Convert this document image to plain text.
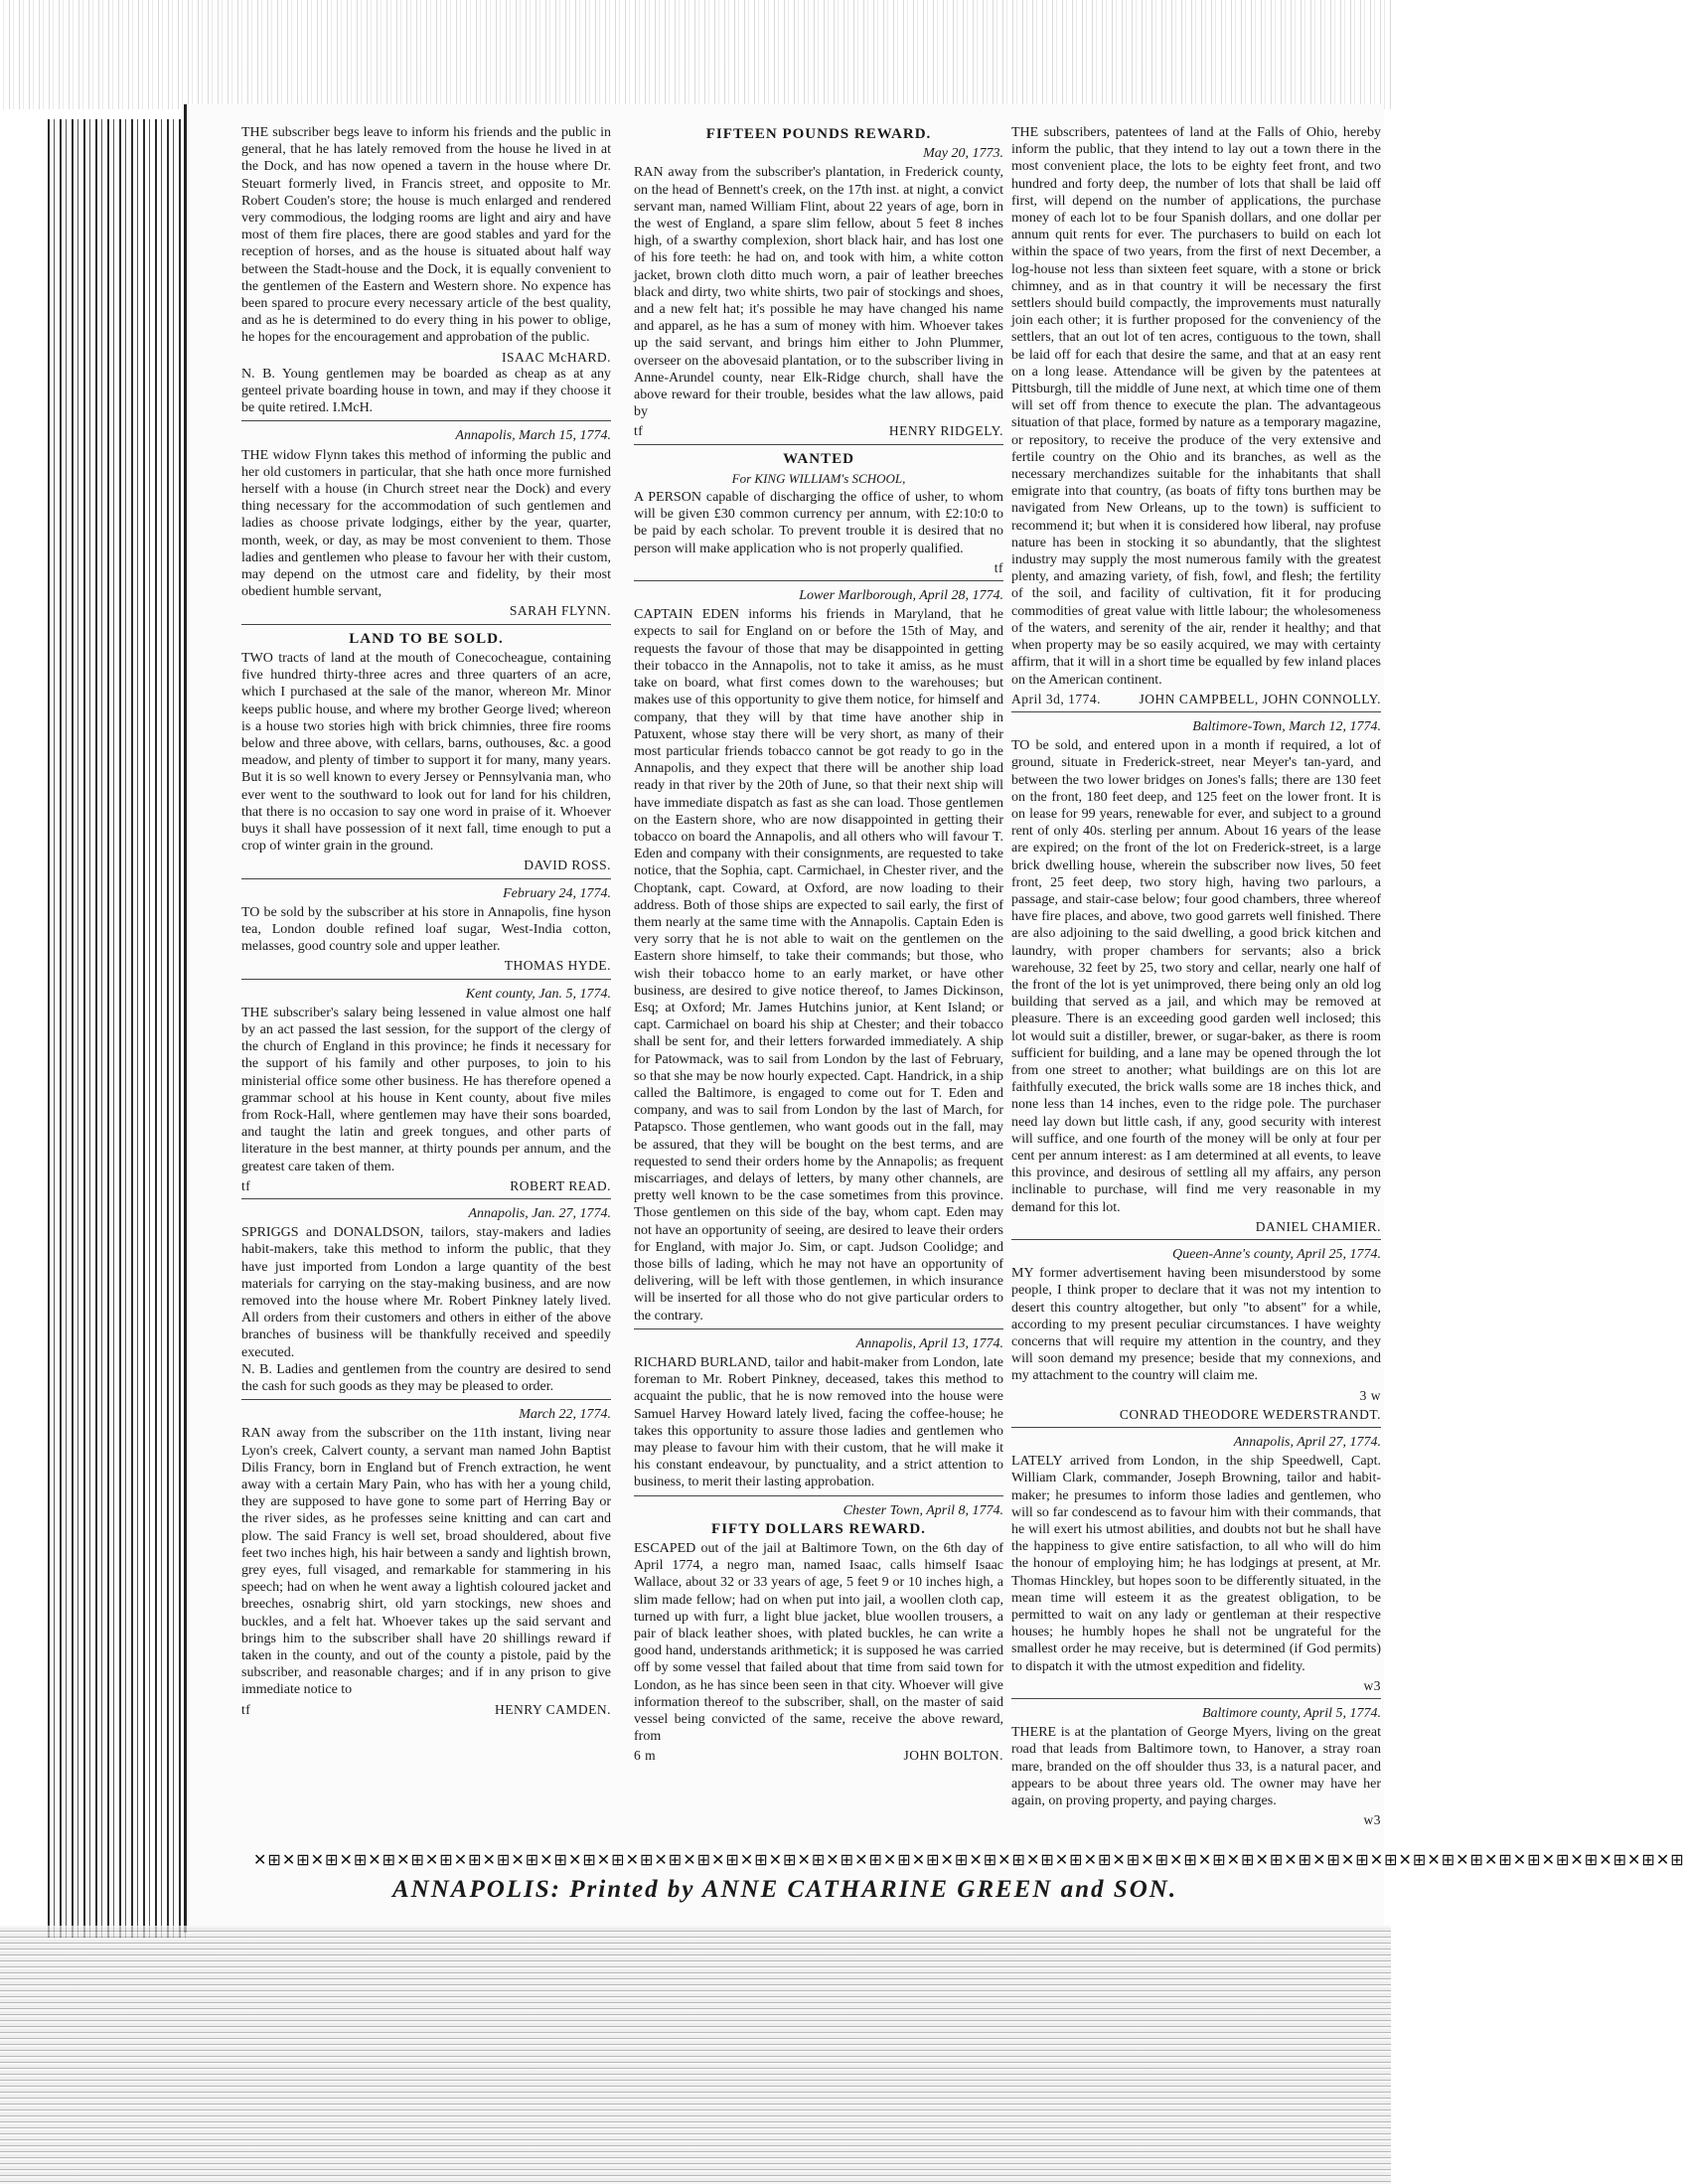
THE subscriber begs leave to inform his friends and the public in general, that he has lately removed from the house he lived in at the Dock, and has now opened a tavern in the house where Dr. Steuart formerly lived, in Francis street, and opposite to Mr. Robert Couden's store; the house is much enlarged and rendered very commodious, the lodging rooms are light and airy and have most of them fire places, there are good stables and yard for the reception of horses, and as the house is situated about half way between the Stadt-house and the Dock, it is equally convenient to the gentlemen of the Eastern and Western shore. No expence has been spared to procure every necessary article of the best quality, and as he is determined to do every thing in his power to oblige, he hopes for the encouragement and approbation of the public.

ISAAC McHARD.

N. B. Young gentlemen may be boarded as cheap as at any genteel private boarding house in town, and may if they choose it be quite retired. I.McH.

Annapolis, March 15, 1774.

THE widow Flynn takes this method of informing the public and her old customers in particular, that she hath once more furnished herself with a house (in Church street near the Dock) and every thing necessary for the accommodation of such gentlemen and ladies as choose private lodgings, either by the year, quarter, month, week, or day, as may be most convenient to them. Those ladies and gentlemen who please to favour her with their custom, may depend on the utmost care and fidelity, by their most obedient humble servant,

SARAH FLYNN.
LAND TO BE SOLD.

TWO tracts of land at the mouth of Conecocheague, containing five hundred thirty-three acres and three quarters of an acre, which I purchased at the sale of the manor, whereon Mr. Minor keeps public house, and where my brother George lived; whereon is a house two stories high with brick chimnies, three fire rooms below and three above, with cellars, barns, outhouses, &c. a good meadow, and plenty of timber to support it for many, many years. But it is so well known to every Jersey or Pennsylvania man, who ever went to the southward to look out for land for his children, that there is no occasion to say one word in praise of it. Whoever buys it shall have possession of it next fall, time enough to put a crop of winter grain in the ground.

DAVID ROSS.
February 24, 1774.

TO be sold by the subscriber at his store in Annapolis, fine hyson tea, London double refined loaf sugar, West-India cotton, melasses, good country sole and upper leather.

THOMAS HYDE.
Kent county, Jan. 5, 1774.

THE subscriber's salary being lessened in value almost one half by an act passed the last session, for the support of the clergy of the church of England in this province; he finds it necessary for the support of his family and other purposes, to join to his ministerial office some other business. He has therefore opened a grammar school at his house in Kent county, about five miles from Rock-Hall, where gentlemen may have their sons boarded, and taught the latin and greek tongues, and other parts of literature in the best manner, at thirty pounds per annum, and the greatest care taken of them.

tf	ROBERT READ.
Annapolis, Jan. 27, 1774.

SPRIGGS and DONALDSON, tailors, stay-makers and ladies habit-makers, take this method to inform the public, that they have just imported from London a large quantity of the best materials for carrying on the stay-making business, and are now removed into the house where Mr. Robert Pinkney lately lived. All orders from their customers and others in either of the above branches of business will be thankfully received and speedily executed.

N. B. Ladies and gentlemen from the country are desired to send the cash for such goods as they may be pleased to order.

March 22, 1774.

RAN away from the subscriber on the 11th instant, living near Lyon's creek, Calvert county, a servant man named John Baptist Dilis Francy, born in England but of French extraction, he went away with a certain Mary Pain, who has with her a young child, they are supposed to have gone to some part of Herring Bay or the river sides, as he professes seine knitting and can cart and plow. The said Francy is well set, broad shouldered, about five feet two inches high, his hair between a sandy and lightish brown, grey eyes, full visaged, and remarkable for stammering in his speech; had on when he went away a lightish coloured jacket and breeches, osnabrig shirt, old yarn stockings, new shoes and buckles, and a felt hat. Whoever takes up the said servant and brings him to the subscriber shall have 20 shillings reward if taken in the county, and out of the county a pistole, paid by the subscriber, and reasonable charges; and if in any prison to give immediate notice to

tf	HENRY CAMDEN.
FIFTEEN POUNDS REWARD.
May 20, 1773.

RAN away from the subscriber's plantation, in Frederick county, on the head of Bennett's creek, on the 17th inst. at night, a convict servant man, named William Flint, about 22 years of age, born in the west of England, a spare slim fellow, about 5 feet 8 inches high, of a swarthy complexion, short black hair, and has lost one of his fore teeth: he had on, and took with him, a white cotton jacket, brown cloth ditto much worn, a pair of leather breeches black and dirty, two white shirts, two pair of stockings and shoes, and a new felt hat; it's possible he may have changed his name and apparel, as he has a sum of money with him. Whoever takes up the said servant, and brings him either to John Plummer, overseer on the abovesaid plantation, or to the subscriber living in Anne-Arundel county, near Elk-Ridge church, shall have the above reward for their trouble, besides what the law allows, paid by

tf	HENRY RIDGELY.
WANTED
For KING WILLIAM's SCHOOL,

A PERSON capable of discharging the office of usher, to whom will be given £30 common currency per annum, with £2:10:0 to be paid by each scholar. To prevent trouble it is desired that no person will make application who is not properly qualified.

tf
Lower Marlborough, April 28, 1774.

CAPTAIN EDEN informs his friends in Maryland, that he expects to sail for England on or before the 15th of May, and requests the favour of those that may be disappointed in getting their tobacco in the Annapolis, not to take it amiss, as he must take on board, what first comes down to the warehouses; but makes use of this opportunity to give them notice, for himself and company, that they will by that time have another ship in Patuxent, whose stay there will be very short, as many of their most particular friends tobacco cannot be got ready to go in the Annapolis, and they expect that there will be another ship load ready in that river by the 20th of June, so that their next ship will have immediate dispatch as fast as she can load. Those gentlemen on the Eastern shore, who are now disappointed in getting their tobacco on board the Annapolis, and all others who will favour T. Eden and company with their consignments, are requested to take notice, that the Sophia, capt. Carmichael, in Chester river, and the Choptank, capt. Coward, at Oxford, are now loading to their address. Both of those ships are expected to sail early, the first of them nearly at the same time with the Annapolis. Captain Eden is very sorry that he is not able to wait on the gentlemen on the Eastern shore himself, to take their commands; but those, who wish their tobacco home to an early market, or have other business, are desired to give notice thereof, to James Dickinson, Esq; at Oxford; Mr. James Hutchins junior, at Kent Island; or capt. Carmichael on board his ship at Chester; and their tobacco shall be sent for, and their letters forwarded immediately. A ship for Patowmack, was to sail from London by the last of February, so that she may be now hourly expected. Capt. Handrick, in a ship called the Baltimore, is engaged to come out for T. Eden and company, and was to sail from London by the last of March, for Patapsco. Those gentlemen, who want goods out in the fall, may be assured, that they will be bought on the best terms, and are requested to send their orders home by the Annapolis; as frequent miscarriages, and delays of letters, by many other channels, are pretty well known to be the case sometimes from this province. Those gentlemen on this side of the bay, whom capt. Eden may not have an opportunity of seeing, are desired to leave their orders for England, with major Jo. Sim, or capt. Judson Coolidge; and those bills of lading, which he may not have an opportunity of delivering, will be left with those gentlemen, in which insurance will be inserted for all those who do not give particular orders to the contrary.

Annapolis, April 13, 1774.

RICHARD BURLAND, tailor and habit-maker from London, late foreman to Mr. Robert Pinkney, deceased, takes this method to acquaint the public, that he is now removed into the house were Samuel Harvey Howard lately lived, facing the coffee-house; he takes this opportunity to assure those ladies and gentlemen who may please to favour him with their custom, that he will make it his constant endeavour, by punctuality, and a strict attention to business, to merit their lasting approbation.

Chester Town, April 8, 1774.
FIFTY DOLLARS REWARD.

ESCAPED out of the jail at Baltimore Town, on the 6th day of April 1774, a negro man, named Isaac, calls himself Isaac Wallace, about 32 or 33 years of age, 5 feet 9 or 10 inches high, a slim made fellow; had on when put into jail, a woollen cloth cap, turned up with furr, a light blue jacket, blue woollen trousers, a pair of black leather shoes, with plated buckles, he can write a good hand, understands arithmetick; it is supposed he was carried off by some vessel that failed about that time from said town for London, as he has since been seen in that city. Whoever will give information thereof to the subscriber, shall, on the master of said vessel being convicted of the same, receive the above reward, from

6 m	JOHN BOLTON.

THE subscribers, patentees of land at the Falls of Ohio, hereby inform the public, that they intend to lay out a town there in the most convenient place, the lots to be eighty feet front, and two hundred and forty deep, the number of lots that shall be laid off first, will depend on the number of applications, the purchase money of each lot to be four Spanish dollars, and one dollar per annum quit rents for ever. The purchasers to build on each lot within the space of two years, from the first of next December, a log-house not less than sixteen feet square, with a stone or brick chimney, and as in that country it will be necessary the first settlers should build compactly, the improvements must naturally join each other; it is further proposed for the conveniency of the settlers, that an out lot of ten acres, contiguous to the town, shall be laid off for each that desire the same, and that at an easy rent on a long lease. Attendance will be given by the patentees at Pittsburgh, till the middle of June next, at which time one of them will set off from thence to execute the plan. The advantageous situation of that place, formed by nature as a temporary magazine, or repository, to receive the produce of the very extensive and fertile country on the Ohio and its branches, as well as the necessary merchandizes suitable for the inhabitants that shall emigrate into that country, (as boats of fifty tons burthen may be navigated from New Orleans, up to the town) is sufficient to recommend it; but when it is considered how liberal, nay profuse nature has been in stocking it so abundantly, that the slightest industry may supply the most numerous family with the greatest plenty, and amazing variety, of fish, fowl, and flesh; the fertility of the soil, and facility of cultivation, fit it for producing commodities of great value with little labour; the wholesomeness of the waters, and serenity of the air, render it healthy; and that when property may be so easily acquired, we may with certainty affirm, that it will in a short time be equalled by few inland places on the American continent.

April 3d, 1774.	JOHN CAMPBELL, JOHN CONNOLLY.
Baltimore-Town, March 12, 1774.

TO be sold, and entered upon in a month if required, a lot of ground, situate in Frederick-street, near Meyer's tan-yard, and between the two lower bridges on Jones's falls; there are 130 feet on the front, 180 feet deep, and 125 feet on the lower front. It is on lease for 99 years, renewable for ever, and subject to a ground rent of only 40s. sterling per annum. About 16 years of the lease are expired; on the front of the lot on Frederick-street, is a large brick dwelling house, wherein the subscriber now lives, 50 feet front, 25 feet deep, two story high, having two parlours, a passage, and stair-case below; four good chambers, three whereof have fire places, and above, two good garrets well finished. There are also adjoining to the said dwelling, a good brick kitchen and laundry, with proper chambers for servants; also a brick warehouse, 32 feet by 25, two story and cellar, nearly one half of the front of the lot is yet unimproved, there being only an old log building that served as a jail, and which may be removed at pleasure. There is an exceeding good garden well inclosed; this lot would suit a distiller, brewer, or sugar-baker, as there is room sufficient for building, and a lane may be opened through the lot from one street to another; what buildings are on this lot are faithfully executed, the brick walls some are 18 inches thick, and none less than 14 inches, even to the ridge pole. The purchaser need lay down but little cash, if any, good security with interest will suffice, and one fourth of the money will be only at four per cent per annum interest: as I am determined at all events, to leave this province, and desirous of settling all my affairs, any person inclinable to purchase, will find me very reasonable in my demand for this lot.

DANIEL CHAMIER.
Queen-Anne's county, April 25, 1774.

MY former advertisement having been misunderstood by some people, I think proper to declare that it was not my intention to desert this country altogether, but only "to absent" for a while, according to my present peculiar circumstances. I have weighty concerns that will require my attention in the country, and they will soon demand my presence; beside that my connexions, and my attachment to the country will claim me.

3 w
CONRAD THEODORE WEDERSTRANDT.
Annapolis, April 27, 1774.

LATELY arrived from London, in the ship Speedwell, Capt. William Clark, commander, Joseph Browning, tailor and habit-maker; he presumes to inform those ladies and gentlemen, who will so far condescend as to favour him with their commands, that he will exert his utmost abilities, and doubts not but he shall have the happiness to give entire satisfaction, to all who will do him the honour of employing him; he has lodgings at present, at Mr. Thomas Hinckley, but hopes soon to be differently situated, in the mean time will esteem it as the greatest obligation, to be permitted to wait on any lady or gentleman at their respective houses; he humbly hopes he shall not be ungrateful for the smallest order he may receive, but is determined (if God permits) to dispatch it with the utmost expedition and fidelity.

w3
Baltimore county, April 5, 1774.

THERE is at the plantation of George Myers, living on the great road that leads from Baltimore town, to Hanover, a stray roan mare, branded on the off shoulder thus 33, is a natural pacer, and appears to be about three years old. The owner may have her again, on proving property, and paying charges.

w3
✕⊞✕⊞✕⊞✕⊞✕⊞✕⊞✕⊞✕⊞✕⊞✕⊞✕⊞✕⊞✕⊞✕⊞✕⊞✕⊞✕⊞✕⊞✕⊞✕⊞✕⊞✕⊞✕⊞✕⊞✕⊞✕⊞✕⊞✕⊞✕⊞✕⊞✕⊞✕⊞✕⊞✕⊞✕⊞✕⊞✕⊞✕⊞✕⊞✕⊞✕⊞✕⊞✕⊞✕⊞✕⊞✕⊞✕⊞✕⊞✕⊞✕⊞
ANNAPOLIS: Printed by ANNE CATHARINE GREEN and SON.
